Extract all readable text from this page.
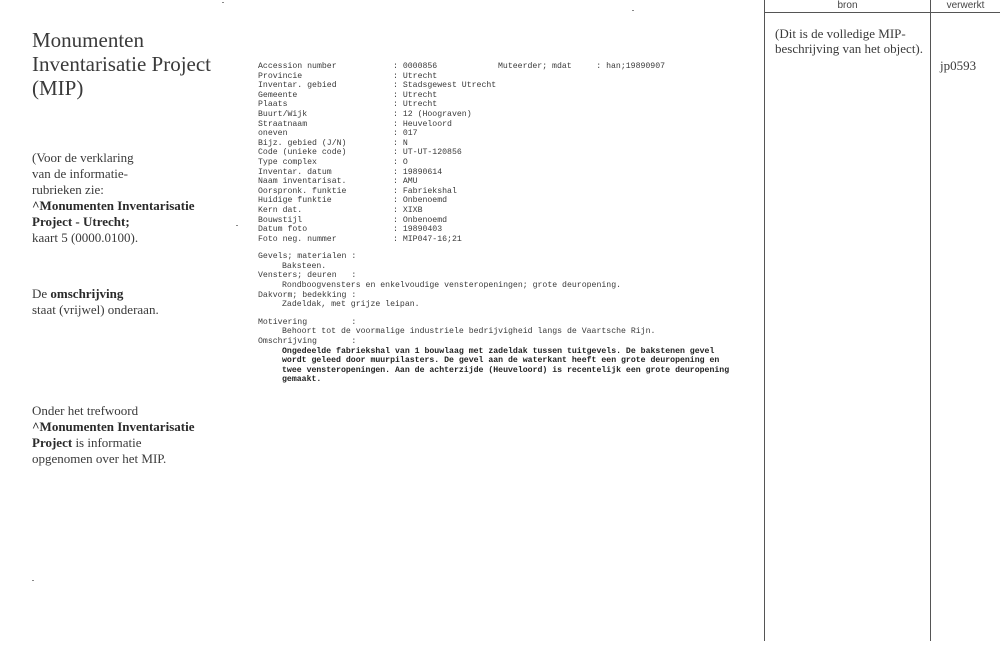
Monumenten Inventarisatie Project (MIP)
(Voor de verklaring
van de informatie-
rubrieken zie:
^Monumenten Inventarisatie
Project - Utrecht;
kaart 5 (0000.0100).
De omschrijving
staat (vrijwel) onderaan.
Onder het trefwoord
^Monumenten Inventarisatie
Project is informatie
opgenomen over het MIP.
Accession number	: 0000856	Muteerder; mdat     : han;19890907
Provincie	: Utrecht
Inventar. gebied	: Stadsgewest Utrecht
Gemeente	: Utrecht
Plaats	: Utrecht
Buurt/Wijk	: 12 (Hoograven)
Straatnaam	: Heuveloord
oneven	: 017
Bijz. gebied (J/N)	: N
Code (unieke code)	: UT-UT-120856
Type complex	: O
Inventar. datum	: 19890614
Naam inventarisat.	: AMU
Oorspronk. funktie	: Fabriekshal
Huidige funktie	: Onbenoemd
Kern dat.	: XIXB
Bouwstijl	: Onbenoemd
Datum foto	: 19890403
Foto neg. nummer	: MIP047-16;21
Gevels; materialen :
Baksteen.
Vensters; deuren   :
Rondboogvensters en enkelvoudige vensteropeningen; grote deuropening.
Dakvorm; bedekking :
Zadeldak, met grijze leipan.
Motivering         :
Behoort tot de voormalige industriele bedrijvigheid langs de Vaartsche Rijn.
Omschrijving       :
Ongedeelde fabriekshal van 1 bouwlaag met zadeldak tussen tuitgevels. De bakstenen gevel wordt geleed door muurpilasters. De gevel aan de waterkant heeft een grote deuropening en twee vensteropeningen. Aan de achterzijde (Heuveloord) is recentelijk een grote deuropening gemaakt.
bron	verwerkt
(Dit is de volledige MIP-beschrijving van het object).
jp0593
